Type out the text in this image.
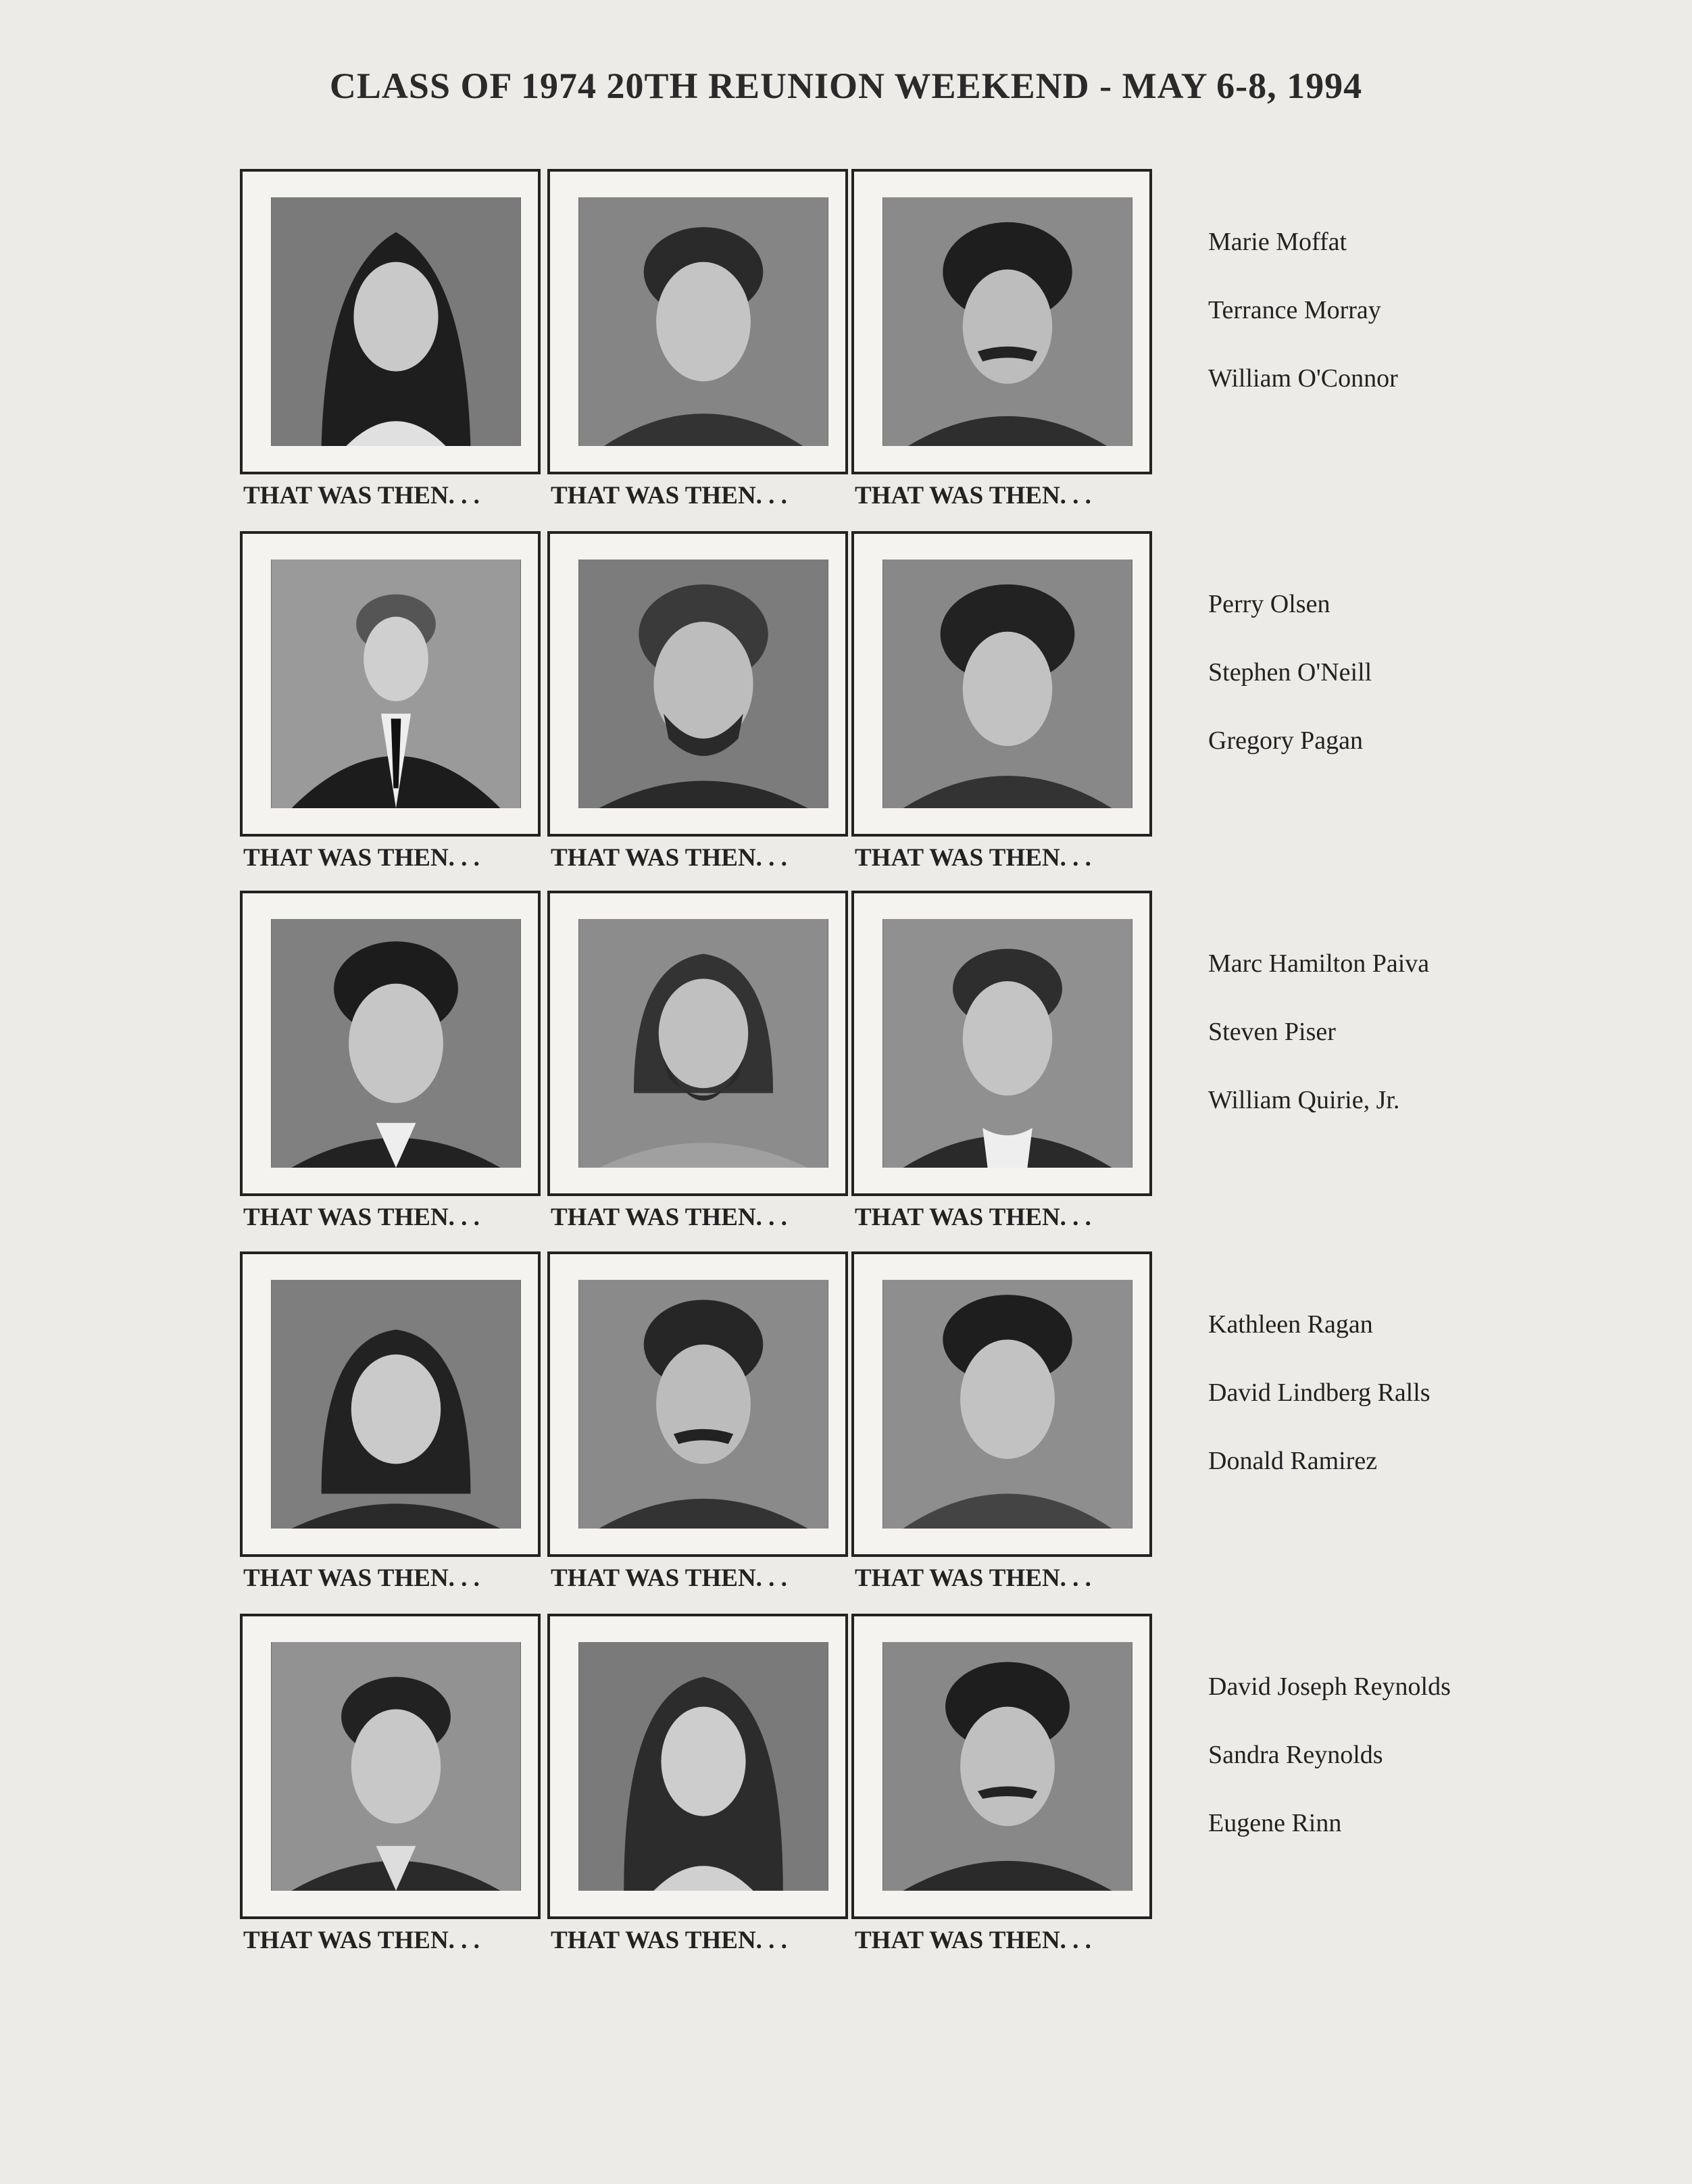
CLASS OF 1974 20TH REUNION WEEKEND - MAY 6-8, 1994
THAT WAS THEN. . .	THAT WAS THEN. . .	THAT WAS THEN. . .
Marie Moffat
Terrance Morray
William O'Connor
THAT WAS THEN. . .	THAT WAS THEN. . .	THAT WAS THEN. . .
Perry Olsen
Stephen O'Neill
Gregory Pagan
THAT WAS THEN. . .	THAT WAS THEN. . .	THAT WAS THEN. . .
Marc Hamilton Paiva
Steven Piser
William Quirie, Jr.
THAT WAS THEN. . .	THAT WAS THEN. . .	THAT WAS THEN. . .
Kathleen Ragan
David Lindberg Ralls
Donald Ramirez
THAT WAS THEN. . .	THAT WAS THEN. . .	THAT WAS THEN. . .
David Joseph Reynolds
Sandra Reynolds
Eugene Rinn
